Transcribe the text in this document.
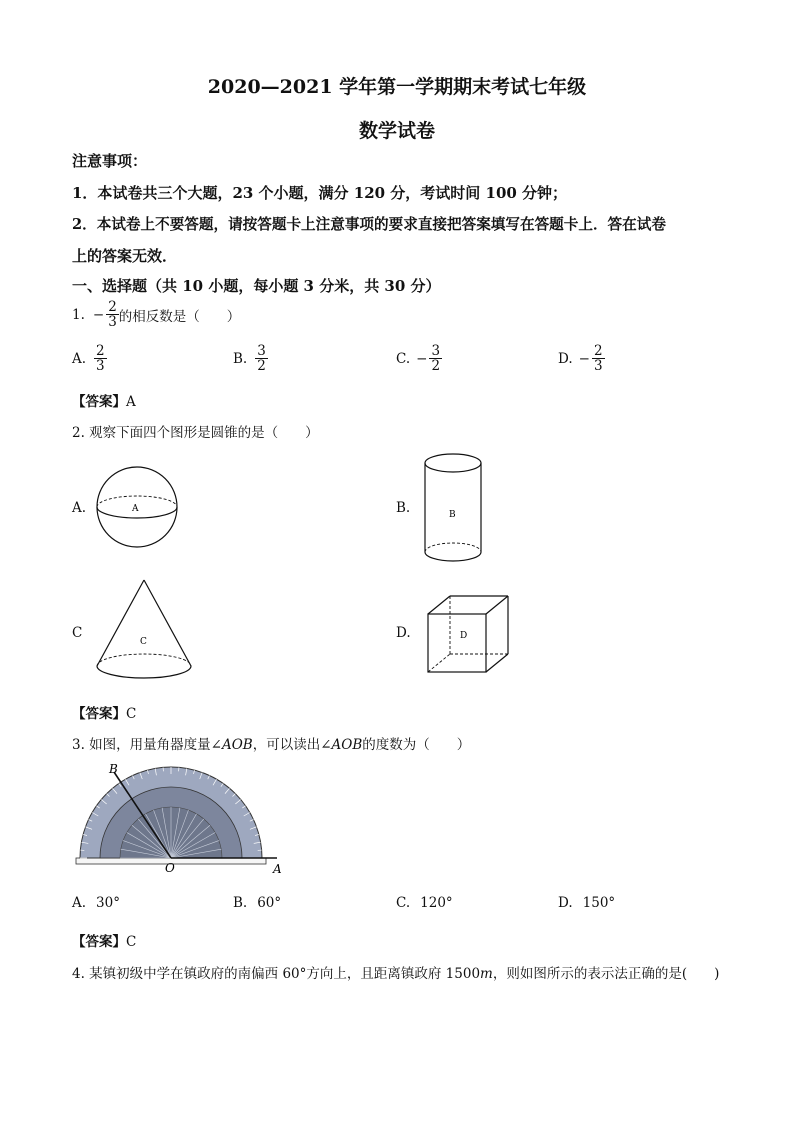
2020—2021 学年第一学期期末考试七年级
数学试卷
注意事项：
1．本试卷共三个大题，23 个小题，满分 120 分，考试时间 100 分钟；
2．本试卷上不要答题，请按答题卡上注意事项的要求直接把答案填写在答题卡上．答在试卷
上的答案无效．
一、选择题（共 10 小题，每小题 3 分米，共 30 分）
1. − $\frac{2}{3}$ 的相反数是（　　）
A. $\frac{2}{3}$	B. $\frac{3}{2}$	C. − $\frac{3}{2}$	D. − $\frac{2}{3}$
【答案】A
2. 观察下面四个图形是圆锥的是（　　）
A.	A	B.	B
C
C
D.	D
【答案】C
3. 如图，用量角器度量∠AOB，可以读出∠AOB的度数为（　　）
B
O	A
A. 30°	B. 60°	C. 120°	D. 150°
【答案】C
4. 某镇初级中学在镇政府的南偏西 60°方向上，且距离镇政府 1500m，则如图所示的表示法正确的是(　　)
